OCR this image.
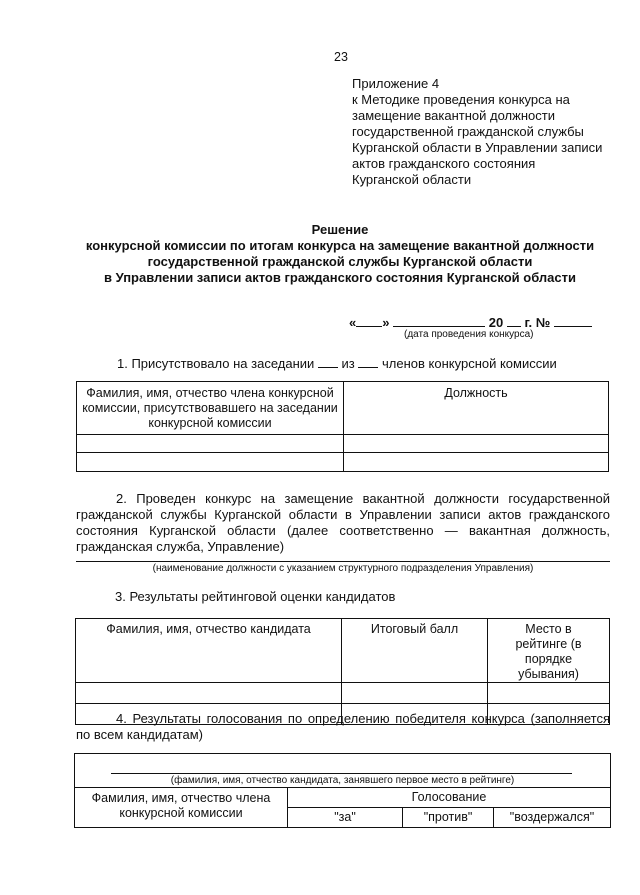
23
Приложение 4
к Методике проведения конкурса на
замещение вакантной должности
государственной гражданской службы
Курганской области в Управлении записи
актов гражданского состояния
Курганской области
Решение
конкурсной комиссии по итогам конкурса на замещение вакантной должности
государственной гражданской службы Курганской области
в Управлении записи актов гражданского состояния Курганской области
« »	20 г. №
(дата проведения конкурса)
1. Присутствовало на заседании из членов конкурсной комиссии
Фамилия, имя, отчество члена конкурсной комиссии, присутствовавшего на заседании конкурсной комиссии	Должность

2. Проведен конкурс на замещение вакантной должности государственной гражданской службы Курганской области в Управлении записи актов гражданского состояния Курганской области (далее соответственно — вакантная должность, гражданская служба, Управление)
(наименование должности с указанием структурного подразделения Управления)
3. Результаты рейтинговой оценки кандидатов
Фамилия, имя, отчество кандидата	Итоговый балл	Место в рейтинге (в порядке убывания)

4. Результаты голосования по определению победителя конкурса (заполняется по всем кандидатам)
(фамилия, имя, отчество кандидата, занявшего первое место в рейтинге)			

Фамилия, имя, отчество члена конкурсной комиссии	Голосование		
	"за"	"против"	"воздержался"
